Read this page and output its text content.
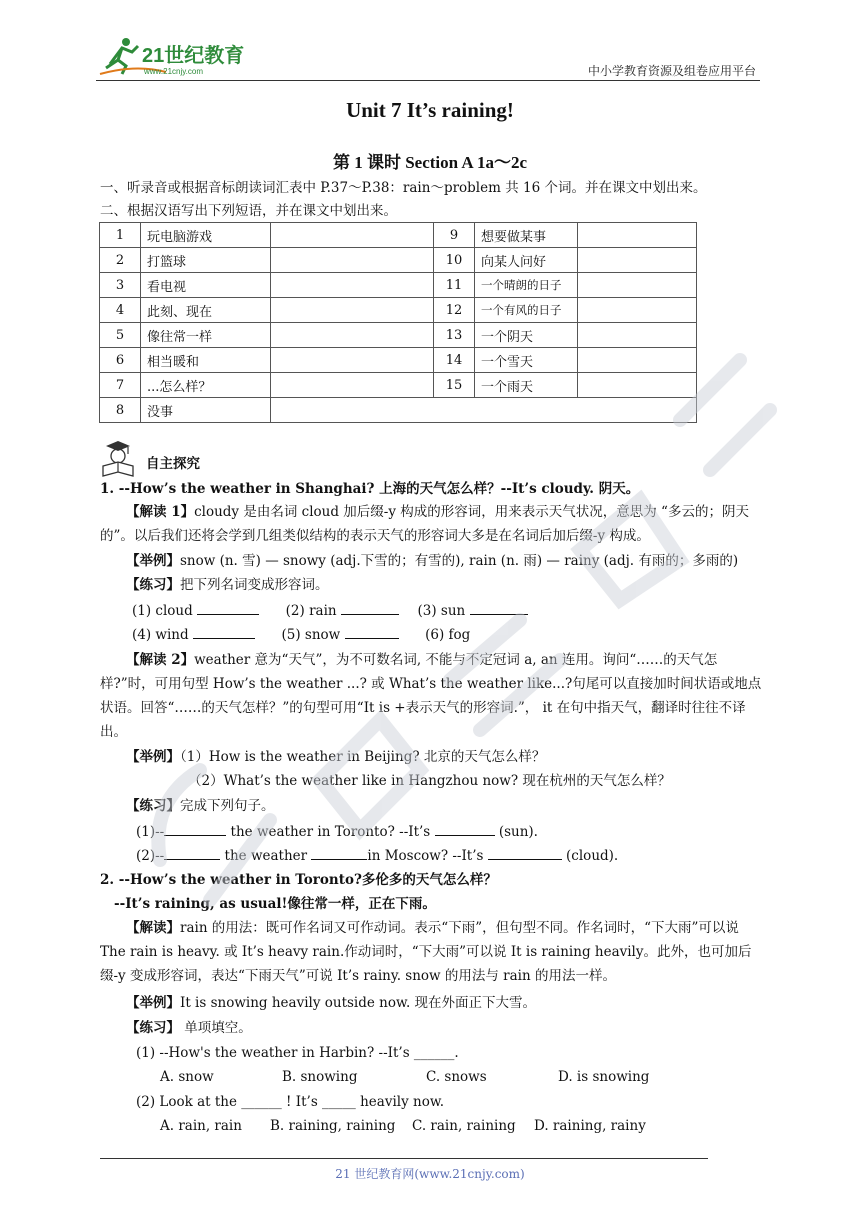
21世纪教育
www.21cnjy.com	中小学教育资源及组卷应用平台
Unit 7 It’s raining!
第 1 课时 Section A 1a～2c
一、听录音或根据音标朗读词汇表中 P.37～P.38：rain～problem 共 16 个词。并在课文中划出来。
二、根据汉语写出下列短语，并在课文中划出来。
1	玩电脑游戏		9	想要做某事	
2	打篮球		10	向某人问好	
3	看电视		11	一个晴朗的日子	
4	此刻、现在		12	一个有风的日子	
5	像往常一样		13	一个阴天	
6	相当暖和		14	一个雪天	
7	...怎么样？		15	一个雨天	
8	没事				
自主探究
1. --How’s the weather in Shanghai? 上海的天气怎么样？--It’s cloudy. 阴天。
【解读 1】cloudy 是由名词 cloud 加后缀-y 构成的形容词，用来表示天气状况，意思为 “多云的；阴天的”。以后我们还将会学到几组类似结构的表示天气的形容词大多是在名词后加后缀-y 构成。
【举例】snow (n. 雪) — snowy (adj.下雪的；有雪的), rain (n. 雨) — rainy (adj. 有雨的；多雨的)
【练习】把下列名词变成形容词。
(1) cloud	(2) rain	(3) sun
(4) wind	(5) snow	(6) fog
【解读 2】weather 意为“天气”，为不可数名词, 不能与不定冠词 a, an 连用。询问“……的天气怎样?”时，可用句型 How’s the weather ...? 或 What’s the weather like...?句尾可以直接加时间状语或地点状语。回答“……的天气怎样？”的句型可用“It is +表示天气的形容词.”， it 在句中指天气，翻译时往往不译出。
【举例】（1）How is the weather in Beijing? 北京的天气怎么样？
（2）What’s the weather like in Hangzhou now? 现在杭州的天气怎么样？
【练习】完成下列句子。
(1)--	the weather in Toronto? --It’s	(sun).
(2)--	the weather	in Moscow? --It’s	(cloud).
2. --How’s the weather in Toronto?多伦多的天气怎么样？
--It’s raining, as usual!像往常一样，正在下雨。
【解读】rain 的用法：既可作名词又可作动词。表示“下雨”，但句型不同。作名词时，“下大雨”可以说 The rain is heavy. 或 It’s heavy rain.作动词时，“下大雨”可以说 It is raining heavily。此外，也可加后缀-y 变成形容词，表达“下雨天气”可说 It’s rainy. snow 的用法与 rain 的用法一样。
【举例】It is snowing heavily outside now. 现在外面正下大雪。
【练习】 单项填空。
(1) --How's the weather in Harbin? --It’s ______.
A. snow	B. snowing	C. snows	D. is snowing
(2) Look at the ______ ! It’s _____ heavily now.
A. rain, rain B. raining, raining C. rain, raining D. raining, rainy
21 世纪教育网(www.21cnjy.com)
